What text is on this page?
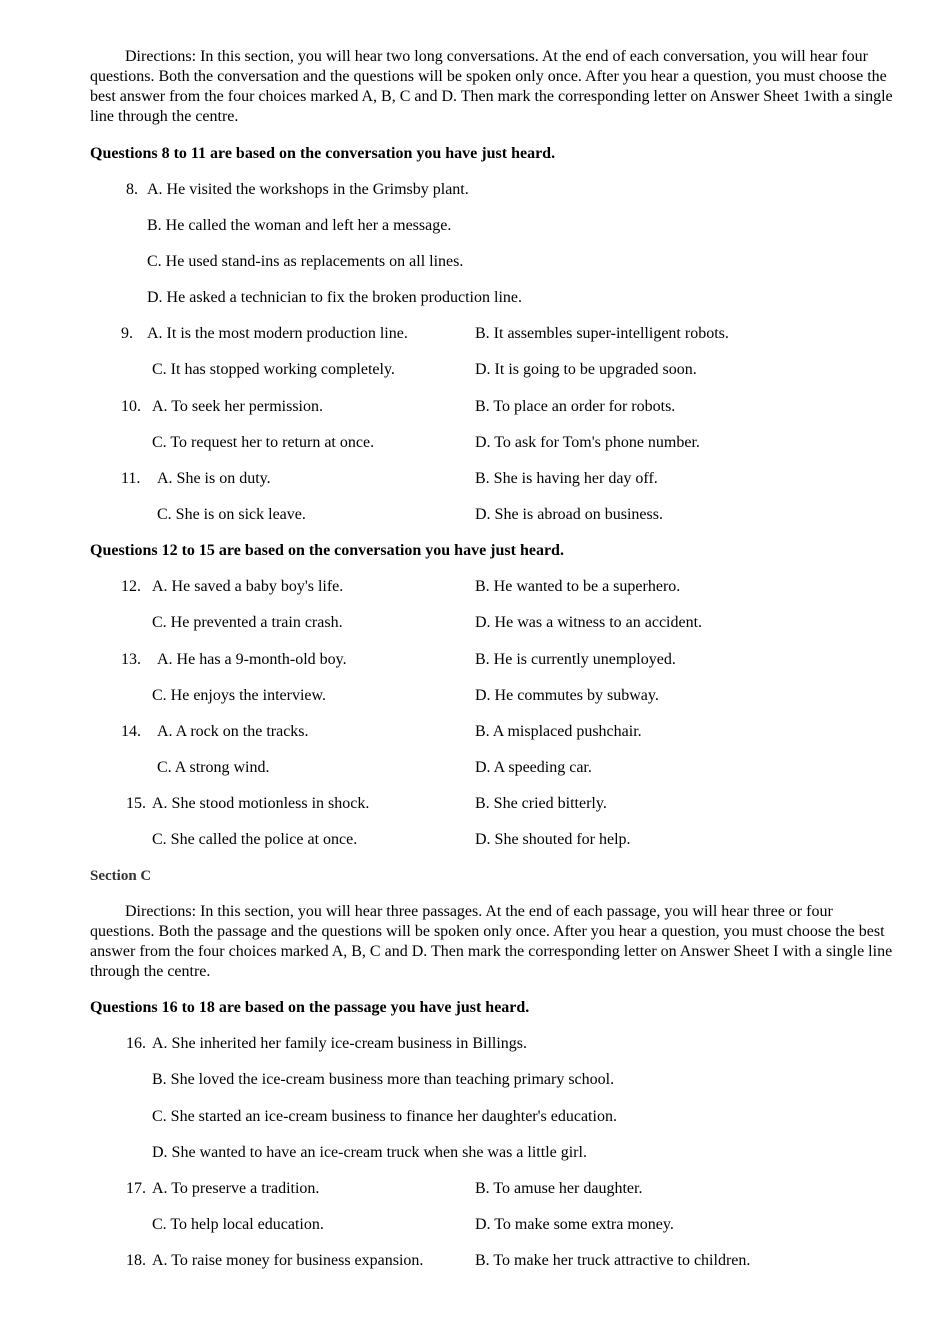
Directions: In this section, you will hear two long conversations. At the end of each conversation, you will hear four questions. Both the conversation and the questions will be spoken only once. After you hear a question, you must choose the best answer from the four choices marked A, B, C and D. Then mark the corresponding letter on Answer Sheet 1with a single line through the centre.
Questions 8 to 11 are based on the conversation you have just heard.
8. A. He visited the workshops in the Grimsby plant.
B. He called the woman and left her a message.
C. He used stand-ins as replacements on all lines.
D. He asked a technician to fix the broken production line.
9. A. It is the most modern production line.	B. It assembles super-intelligent robots.
C. It has stopped working completely.	D. It is going to be upgraded soon.
10. A. To seek her permission.	B. To place an order for robots.
C. To request her to return at once.	D. To ask for Tom's phone number.
11. A. She is on duty.	B. She is having her day off.
C. She is on sick leave.	D. She is abroad on business.
Questions 12 to 15 are based on the conversation you have just heard.
12. A. He saved a baby boy's life.	B. He wanted to be a superhero.
C. He prevented a train crash.	D. He was a witness to an accident.
13. A. He has a 9-month-old boy.	B. He is currently unemployed.
C. He enjoys the interview.	D. He commutes by subway.
14. A. A rock on the tracks.	B. A misplaced pushchair.
C. A strong wind.	D. A speeding car.
15. A. She stood motionless in shock.	B. She cried bitterly.
C. She called the police at once.	D. She shouted for help.
Section C
Directions: In this section, you will hear three passages. At the end of each passage, you will hear three or four questions. Both the passage and the questions will be spoken only once. After you hear a question, you must choose the best answer from the four choices marked A, B, C and D. Then mark the corresponding letter on Answer Sheet I with a single line through the centre.
Questions 16 to 18 are based on the passage you have just heard.
16. A. She inherited her family ice-cream business in Billings.
B. She loved the ice-cream business more than teaching primary school.
C. She started an ice-cream business to finance her daughter's education.
D. She wanted to have an ice-cream truck when she was a little girl.
17. A. To preserve a tradition.	B. To amuse her daughter.
C. To help local education.	D. To make some extra money.
18. A. To raise money for business expansion.	B. To make her truck attractive to children.
